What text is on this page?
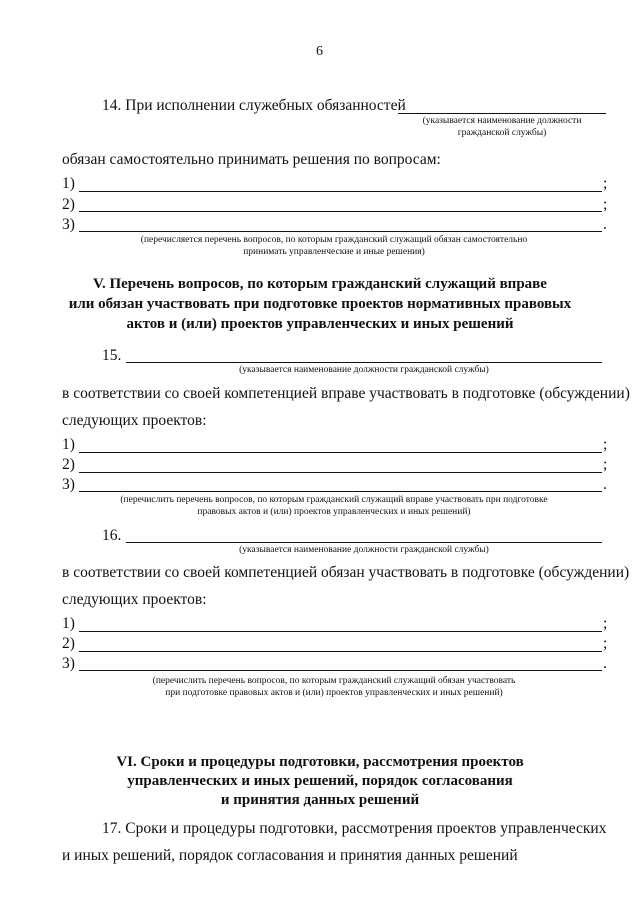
6
14. При исполнении служебных обязанностей
(указывается наименование должности
гражданской службы)
обязан самостоятельно принимать решения по вопросам:
1)	;
2)	;
3)	.
(перечисляется перечень вопросов, по которым гражданский служащий обязан самостоятельно
принимать управленческие и иные решения)
V. Перечень вопросов, по которым гражданский служащий вправе
или обязан участвовать при подготовке проектов нормативных правовых
актов и (или) проектов управленческих и иных решений
15.
(указывается наименование должности гражданской службы)
в соответствии со своей компетенцией вправе участвовать в подготовке (обсуждении)
следующих проектов:
1)	;
2)	;
3)	.
(перечислить перечень вопросов, по которым гражданский служащий вправе участвовать при подготовке
правовых актов и (или) проектов управленческих и иных решений)
16.
(указывается наименование должности гражданской службы)
в соответствии со своей компетенцией обязан участвовать в подготовке (обсуждении)
следующих проектов:
1)	;
2)	;
3)	.
(перечислить перечень вопросов, по которым гражданский служащий обязан участвовать
при подготовке правовых актов и (или) проектов управленческих и иных решений)
VI. Сроки и процедуры подготовки, рассмотрения проектов
управленческих и иных решений, порядок согласования
и принятия данных решений
17. Сроки и процедуры подготовки, рассмотрения проектов управленческих
и иных решений, порядок согласования и принятия данных решений
